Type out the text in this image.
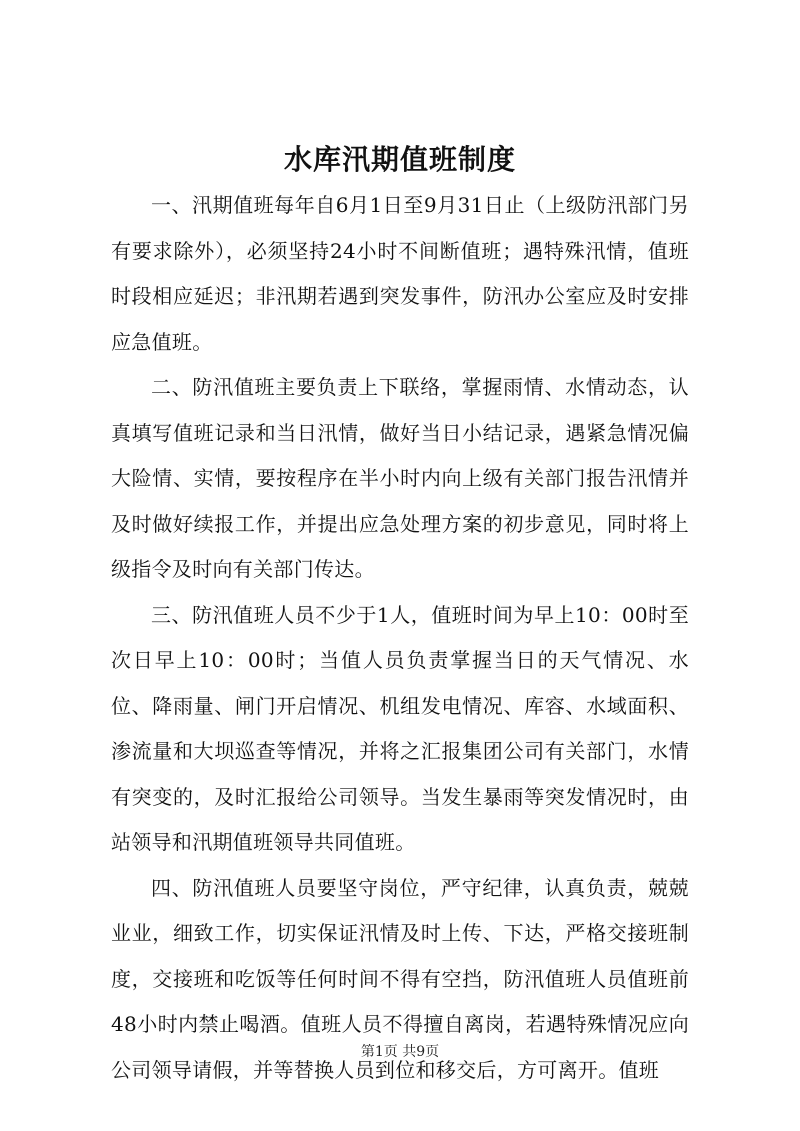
水库汛期值班制度

一、汛期值班每年自6月1日至9月31日止（上级防汛部门另有要求除外），必须坚持24小时不间断值班；遇特殊汛情，值班时段相应延迟；非汛期若遇到突发事件，防汛办公室应及时安排应急值班。

二、防汛值班主要负责上下联络，掌握雨情、水情动态，认真填写值班记录和当日汛情，做好当日小结记录，遇紧急情况偏大险情、实情，要按程序在半小时内向上级有关部门报告汛情并及时做好续报工作，并提出应急处理方案的初步意见，同时将上级指令及时向有关部门传达。

三、防汛值班人员不少于1人，值班时间为早上10：00时至次日早上10：00时；当值人员负责掌握当日的天气情况、水位、降雨量、闸门开启情况、机组发电情况、库容、水域面积、渗流量和大坝巡查等情况，并将之汇报集团公司有关部门，水情有突变的，及时汇报给公司领导。当发生暴雨等突发情况时，由站领导和汛期值班领导共同值班。

四、防汛值班人员要坚守岗位，严守纪律，认真负责，兢兢业业，细致工作，切实保证汛情及时上传、下达，严格交接班制度，交接班和吃饭等任何时间不得有空挡，防汛值班人员值班前48小时内禁止喝酒。值班人员不得擅自离岗，若遇特殊情况应向公司领导请假，并等替换人员到位和移交后，方可离开。值班

第1页 共9页
